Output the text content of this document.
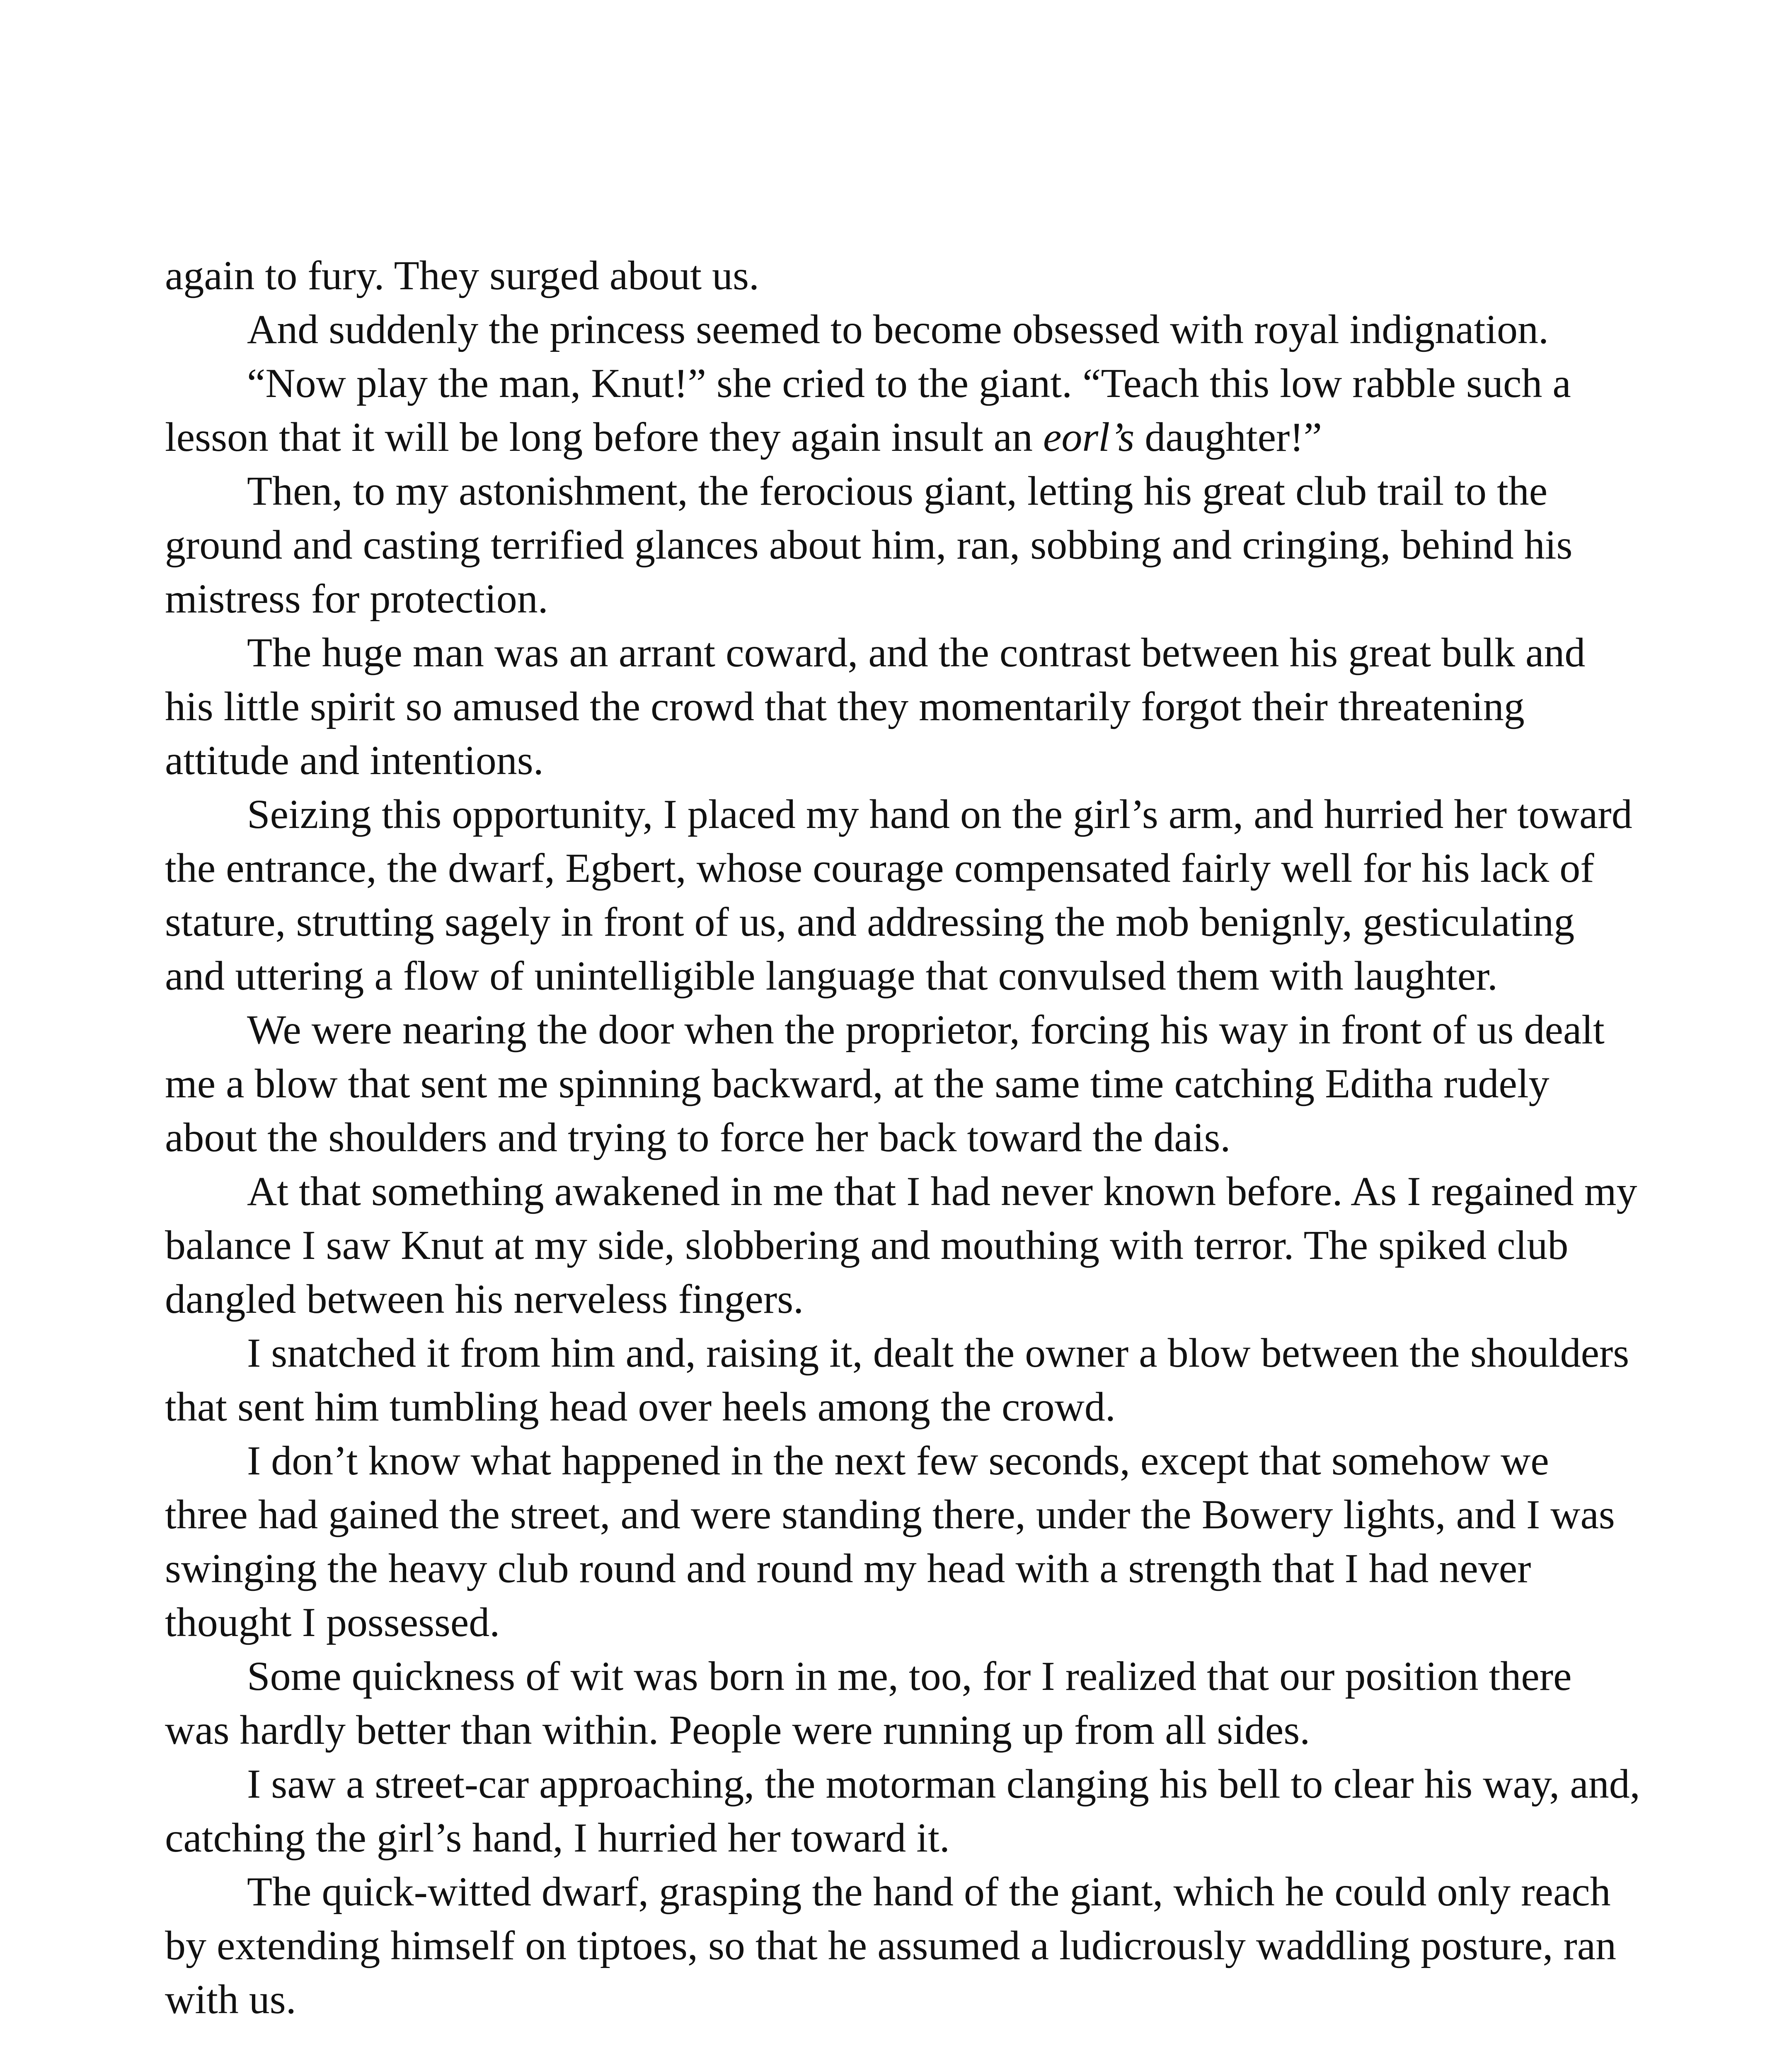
again to fury. They surged about us.

And suddenly the princess seemed to become obsessed with royal indignation.

“Now play the man, Knut!” she cried to the giant. “Teach this low rabble such a lesson that it will be long before they again insult an eorl’s daughter!”

Then, to my astonishment, the ferocious giant, letting his great club trail to the ground and casting terrified glances about him, ran, sobbing and cringing, behind his mistress for protection.

The huge man was an arrant coward, and the contrast between his great bulk and his little spirit so amused the crowd that they momentarily forgot their threatening attitude and intentions.

Seizing this opportunity, I placed my hand on the girl’s arm, and hurried her toward the entrance, the dwarf, Egbert, whose courage compensated fairly well for his lack of stature, strutting sagely in front of us, and addressing the mob benignly, gesticulating and uttering a flow of unintelligible language that convulsed them with laughter.

We were nearing the door when the proprietor, forcing his way in front of us dealt me a blow that sent me spinning backward, at the same time catching Editha rudely about the shoulders and trying to force her back toward the dais.

At that something awakened in me that I had never known before. As I regained my balance I saw Knut at my side, slobbering and mouthing with terror. The spiked club dangled between his nerveless fingers.

I snatched it from him and, raising it, dealt the owner a blow between the shoulders that sent him tumbling head over heels among the crowd.

I don’t know what happened in the next few seconds, except that somehow we three had gained the street, and were standing there, under the Bowery lights, and I was swinging the heavy club round and round my head with a strength that I had never thought I possessed.

Some quickness of wit was born in me, too, for I realized that our position there was hardly better than within. People were running up from all sides.

I saw a street-car approaching, the motorman clanging his bell to clear his way, and, catching the girl’s hand, I hurried her toward it.

The quick-witted dwarf, grasping the hand of the giant, which he could only reach by extending himself on tiptoes, so that he assumed a ludicrously waddling posture, ran with us.
